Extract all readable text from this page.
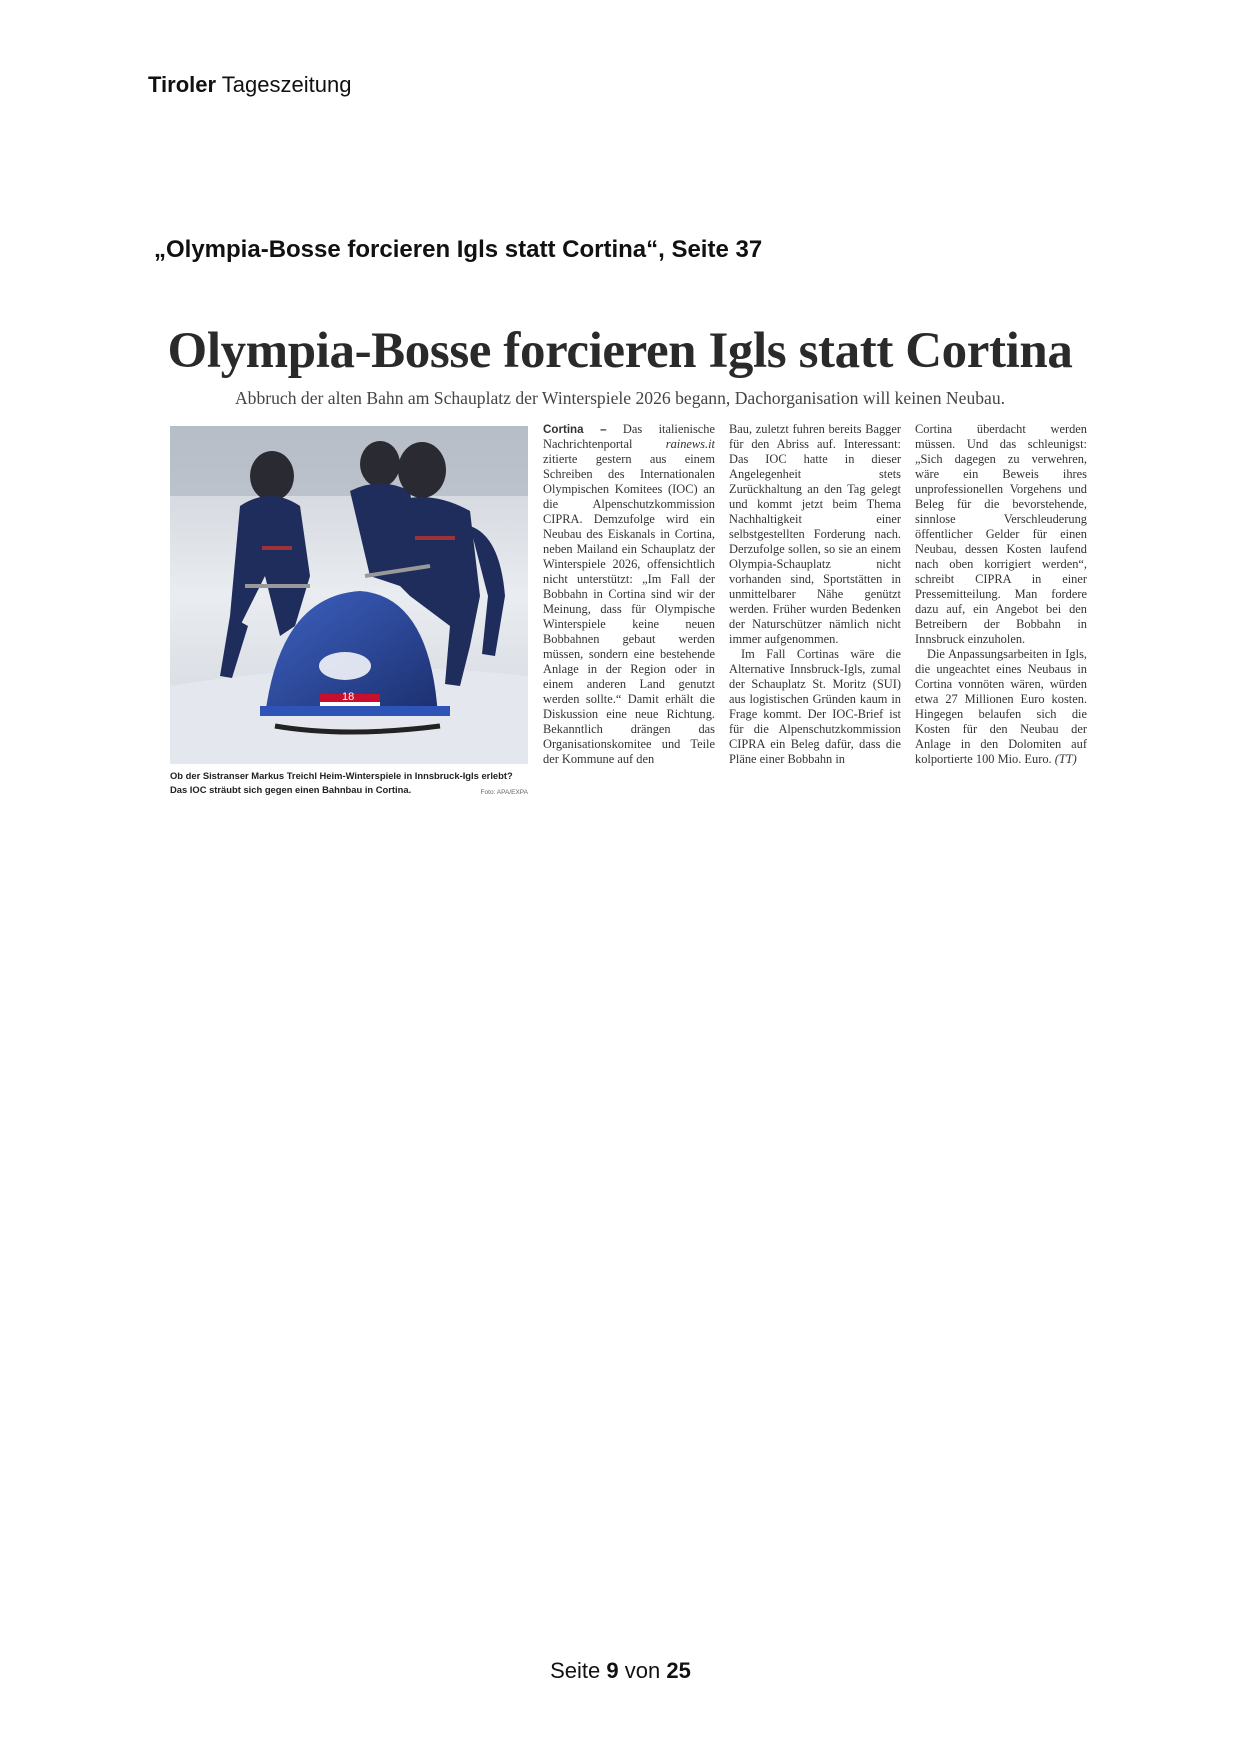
Tiroler Tageszeitung
„Olympia-Bosse forcieren Igls statt Cortina“, Seite 37
Olympia-Bosse forcieren Igls statt Cortina
Abbruch der alten Bahn am Schauplatz der Winterspiele 2026 begann, Dachorganisation will keinen Neubau.
18
Ob der Sistranser Markus Treichl Heim-Winterspiele in Innsbruck-Igls erlebt? Das IOC sträubt sich gegen einen Bahnbau in Cortina.	Foto: APA/EXPA

Cortina – Das italienische Nachrichtenportal rainews.it zitierte gestern aus einem Schreiben des Internationalen Olympischen Komitees (IOC) an die Alpenschutzkommission CIPRA. Demzufolge wird ein Neubau des Eiskanals in Cortina, neben Mailand ein Schauplatz der Winterspiele 2026, offensichtlich nicht unterstützt: „Im Fall der Bobbahn in Cortina sind wir der Meinung, dass für Olympische Winterspiele keine neuen Bobbahnen gebaut werden müssen, sondern eine bestehende Anlage in der Region oder in einem anderen Land genutzt werden sollte.“ Damit erhält die Diskussion eine neue Richtung. Bekanntlich drängen das Organisationskomitee und Teile der Kommune auf den

Bau, zuletzt fuhren bereits Bagger für den Abriss auf. Interessant: Das IOC hatte in dieser Angelegenheit stets Zurückhaltung an den Tag gelegt und kommt jetzt beim Thema Nachhaltigkeit einer selbstgestellten Forderung nach. Derzufolge sollen, so sie an einem Olympia-Schauplatz nicht vorhanden sind, Sportstätten in unmittelbarer Nähe genützt werden. Früher wurden Bedenken der Naturschützer nämlich nicht immer aufgenommen.

Im Fall Cortinas wäre die Alternative Innsbruck-Igls, zumal der Schauplatz St. Moritz (SUI) aus logistischen Gründen kaum in Frage kommt. Der IOC-Brief ist für die Alpenschutzkommission CIPRA ein Beleg dafür, dass die Pläne einer Bobbahn in

Cortina überdacht werden müssen. Und das schleunigst: „Sich dagegen zu verwehren, wäre ein Beweis ihres unprofessionellen Vorgehens und Beleg für die bevorstehende, sinnlose Verschleuderung öffentlicher Gelder für einen Neubau, dessen Kosten laufend nach oben korrigiert werden“, schreibt CIPRA in einer Pressemitteilung. Man fordere dazu auf, ein Angebot bei den Betreibern der Bobbahn in Innsbruck einzuholen.

Die Anpassungsarbeiten in Igls, die ungeachtet eines Neubaus in Cortina vonnöten wären, würden etwa 27 Millionen Euro kosten. Hingegen belaufen sich die Kosten für den Neubau der Anlage in den Dolomiten auf kolportierte 100 Mio. Euro. (TT)

Seite 9 von 25
